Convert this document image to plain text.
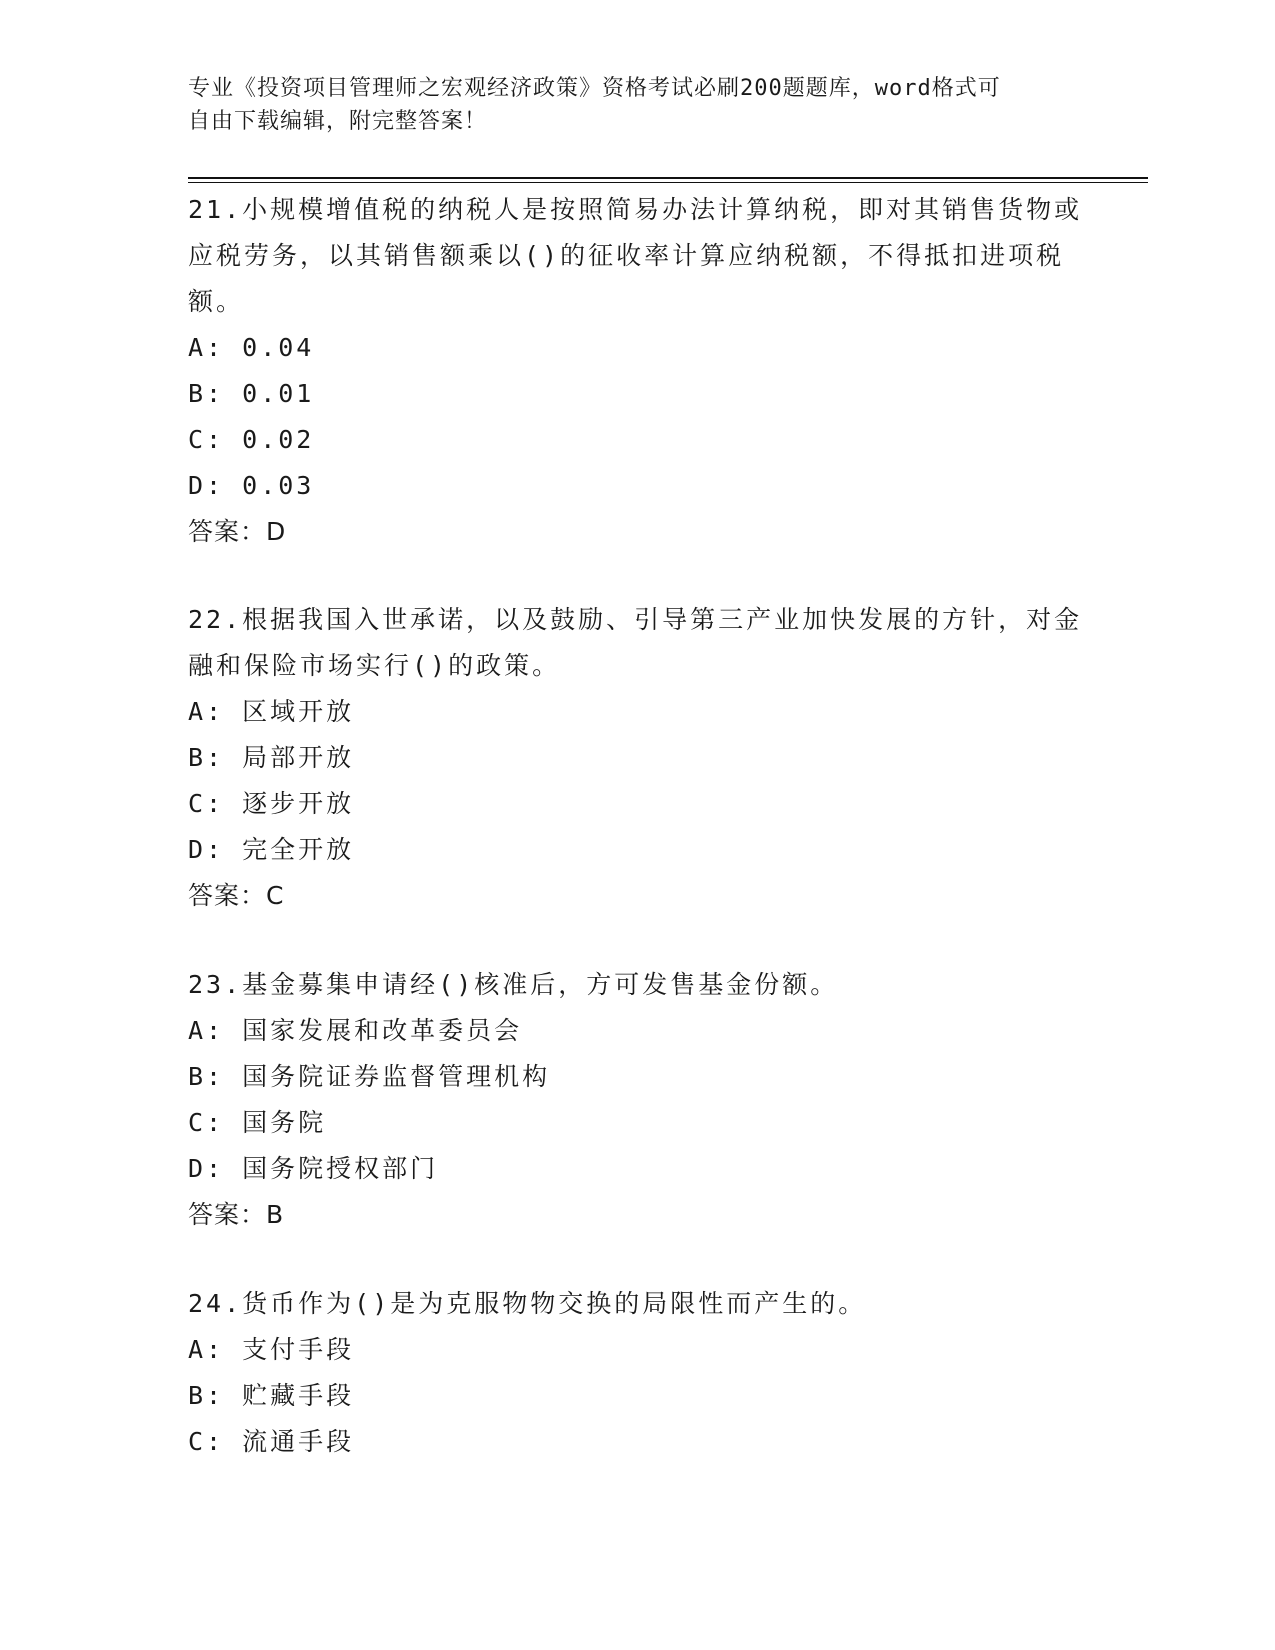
专业《投资项目管理师之宏观经济政策》资格考试必刷200题题库，word格式可
自由下载编辑，附完整答案！

21.小规模增值税的纳税人是按照简易办法计算纳税，即对其销售货物或应税劳务，以其销售额乘以()的征收率计算应纳税额，不得抵扣进项税额。

A: 0.04

B: 0.01

C: 0.02

D: 0.03

答案：D

22.根据我国入世承诺，以及鼓励、引导第三产业加快发展的方针，对金融和保险市场实行()的政策。

A: 区域开放

B: 局部开放

C: 逐步开放

D: 完全开放

答案：C

23.基金募集申请经()核准后，方可发售基金份额。

A: 国家发展和改革委员会

B: 国务院证券监督管理机构

C: 国务院

D: 国务院授权部门

答案：B

24.货币作为()是为克服物物交换的局限性而产生的。

A: 支付手段

B: 贮藏手段

C: 流通手段
